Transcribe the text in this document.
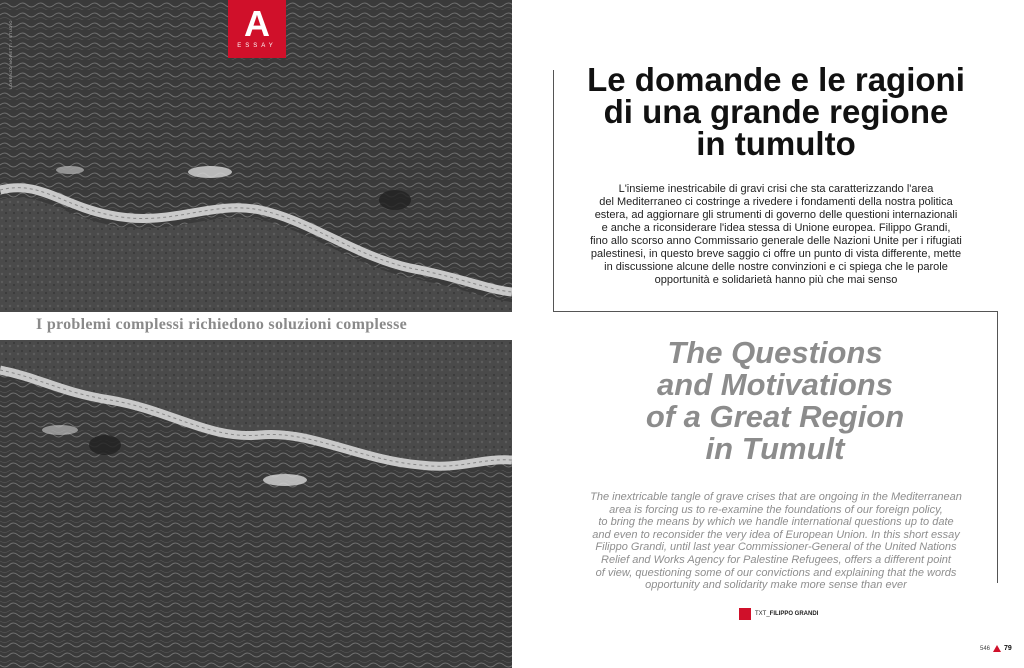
A
ESSAY
LORENZO MORETTI / STUDIO
I problemi complessi richiedono soluzioni complesse
Le domande e le ragioni
di una grande regione
in tumulto
L'insieme inestricabile di gravi crisi che sta caratterizzando l'area
del Mediterraneo ci costringe a rivedere i fondamenti della nostra politica
estera, ad aggiornare gli strumenti di governo delle questioni internazionali
e anche a riconsiderare l'idea stessa di Unione europea. Filippo Grandi,
fino allo scorso anno Commissario generale delle Nazioni Unite per i rifugiati
palestinesi, in questo breve saggio ci offre un punto di vista differente, mette
in discussione alcune delle nostre convinzioni e ci spiega che le parole
opportunità e solidarietà hanno più che mai senso
The Questions
and Motivations
of a Great Region
in Tumult
The inextricable tangle of grave crises that are ongoing in the Mediterranean
area is forcing us to re-examine the foundations of our foreign policy,
to bring the means by which we handle international questions up to date
and even to reconsider the very idea of European Union. In this short essay
Filippo Grandi, until last year Commissioner-General of the United Nations
Relief and Works Agency for Palestine Refugees, offers a different point
of view, questioning some of our convictions and explaining that the words
opportunity and solidarity make more sense than ever
TXT_FILIPPO GRANDI
546 79
